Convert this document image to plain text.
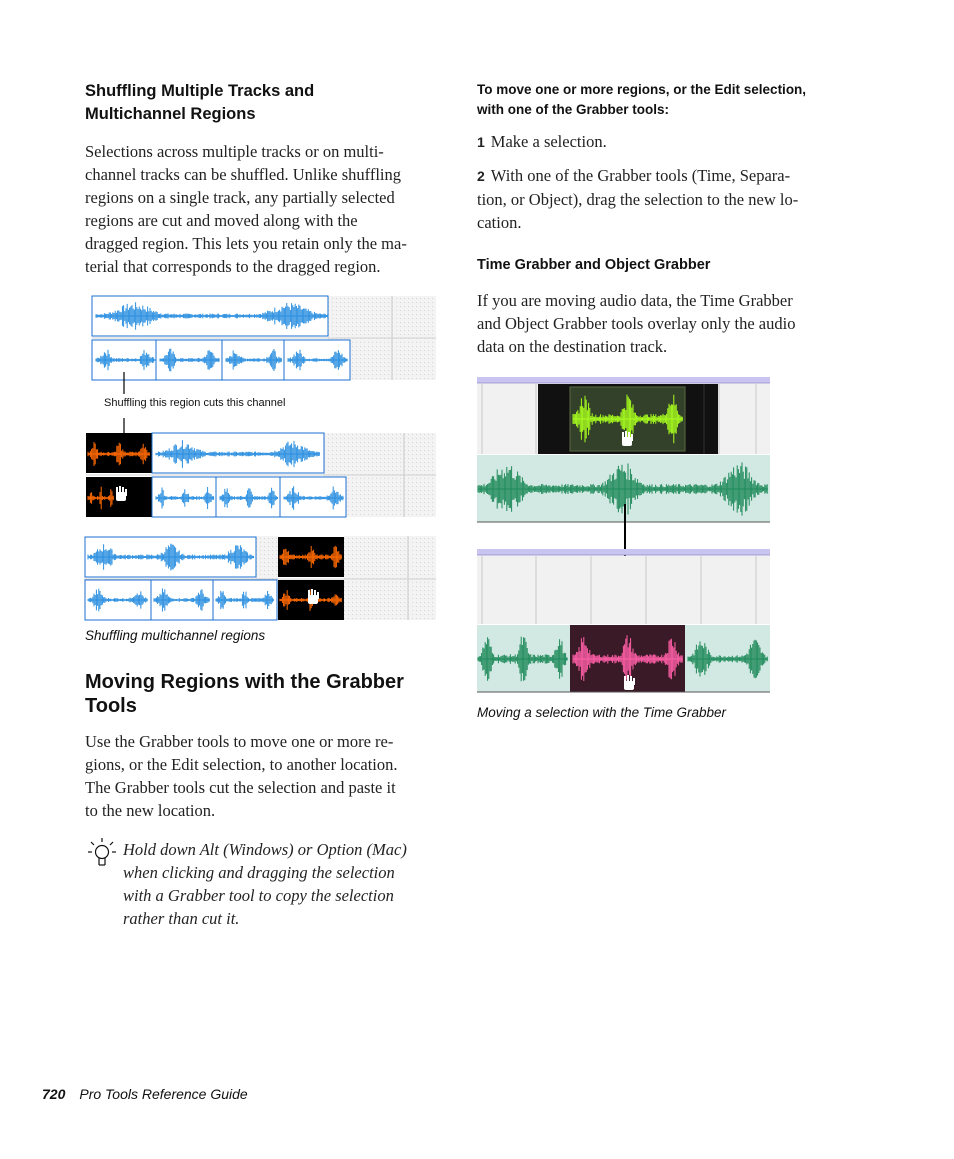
Shuffling Multiple Tracks and

Multichannel Regions

Selections across multiple tracks or on multi-

channel tracks can be shuffled. Unlike shuffling

regions on a single track, any partially selected

regions are cut and moved along with the

dragged region. This lets you retain only the ma-

terial that corresponds to the dragged region.

Shuffling this region cuts this channel

Shuffling multichannel regions

Moving Regions with the Grabber

Tools

Use the Grabber tools to move one or more re-

gions, or the Edit selection, to another location.

The Grabber tools cut the selection and paste it

to the new location.

Hold down Alt (Windows) or Option (Mac)

when clicking and dragging the selection

with a Grabber tool to copy the selection

rather than cut it.

To move one or more regions, or the Edit selection,

with one of the Grabber tools:

1 Make a selection.

2 With one of the Grabber tools (Time, Separa-

tion, or Object), drag the selection to the new lo-

cation.

Time Grabber and Object Grabber

If you are moving audio data, the Time Grabber

and Object Grabber tools overlay only the audio

data on the destination track.

Moving a selection with the Time Grabber

720 Pro Tools Reference Guide
